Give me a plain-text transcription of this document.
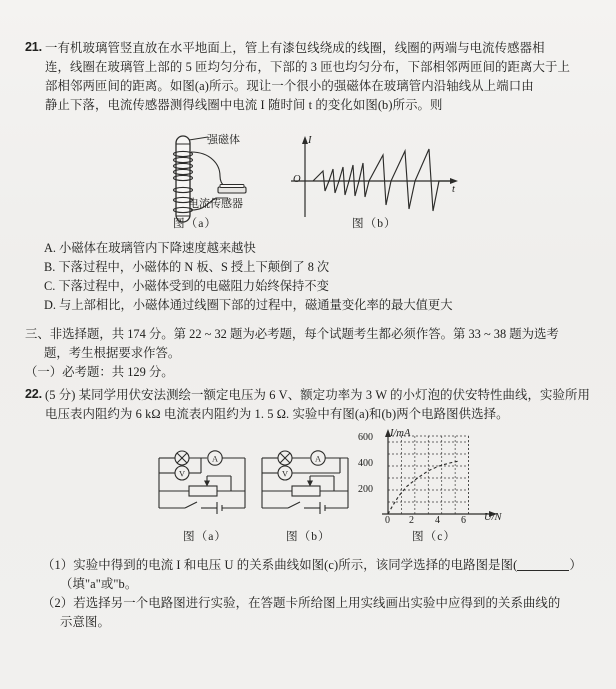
21. 一有机玻璃管竖直放在水平地面上，管上有漆包线绕成的线圈，线圈的两端与电流传感器相
连，线圈在玻璃管上部的 5 匝均匀分布，下部的 3 匝也均匀分布，下部相邻两匝间的距离大于上
部相邻两匝间的距离。如图(a)所示。现让一个很小的强磁体在玻璃管内沿轴线从上端口由
静止下落，电流传感器测得线圈中电流 I 随时间 t 的变化如图(b)所示。则
强磁体
电流传感器
图（a）
I
O
t
图（b）
A. 小磁体在玻璃管内下降速度越来越快
B. 下落过程中，小磁体的 N 板、S 授上下颠倒了 8 次
C. 下落过程中，小磁体受到的电磁阻力始终保持不变
D. 与上部相比，小磁体通过线圈下部的过程中，磁通量变化率的最大值更大
三、非选择题，共 174 分。第 22 ~ 32 题为必考题，每个试题考生都必须作答。第 33 ~ 38 题为选考
题，考生根据要求作答。
（一）必考题：共 129 分。
22. (5 分) 某同学用伏安法测绘一额定电压为 6 V、额定功率为 3 W 的小灯泡的伏安特性曲线，实验所用
电压表内阻约为 6 kΩ 电流表内阻约为 1. 5 Ω. 实验中有图(a)和(b)两个电路图供选择。
A
V
图（a）
A
V
图（b）
I/mA
U/N
600
400
200
0 2 4 6
图（c）
（1）实验中得到的电流 I 和电压 U 的关系曲线如图(c)所示，该同学选择的电路图是图(	）
（填"a"或"b。
（2）若选择另一个电路图进行实验，在答题卡所给图上用实线画出实验中应得到的关系曲线的
示意图。
